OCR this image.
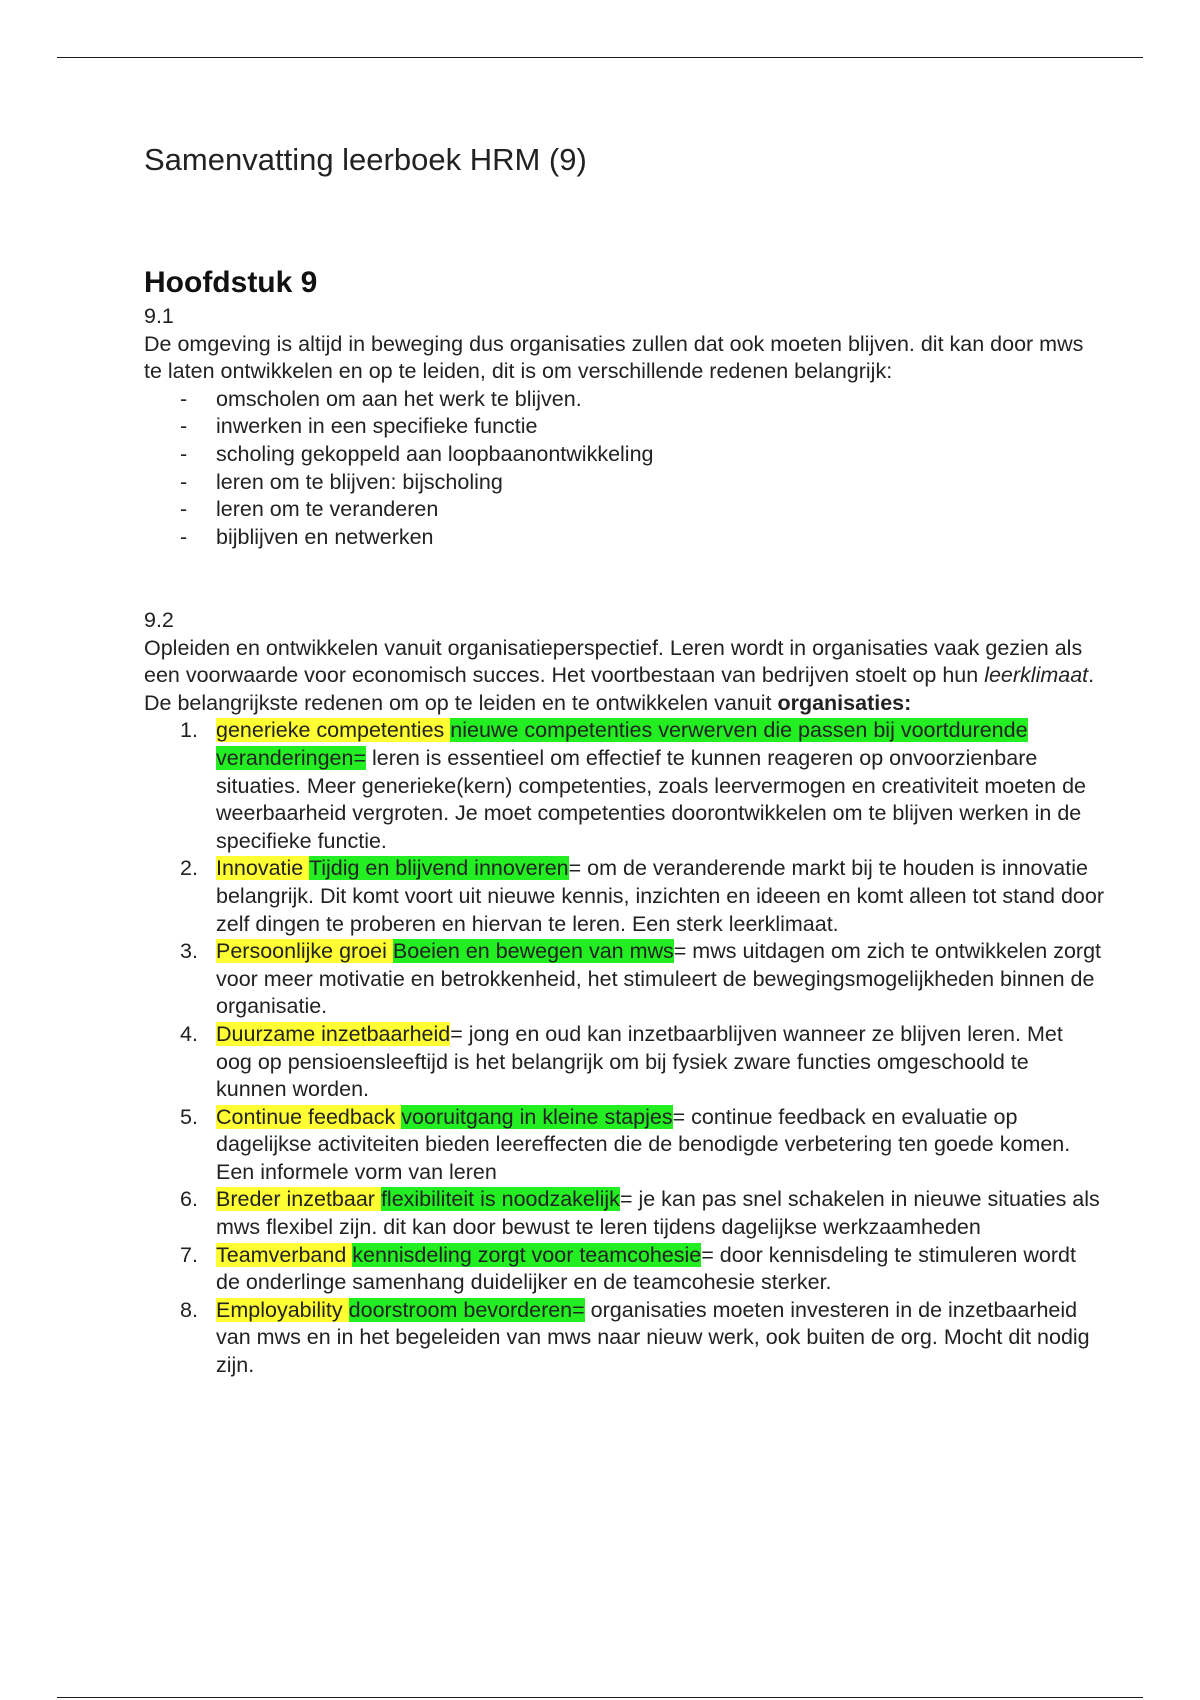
Samenvatting leerboek HRM (9)
Hoofdstuk 9

9.1

De omgeving is altijd in beweging dus organisaties zullen dat ook moeten blijven. dit kan door mws te laten ontwikkelen en op te leiden, dit is om verschillende redenen belangrijk:

- omscholen om aan het werk te blijven.
- inwerken in een specifieke functie
- scholing gekoppeld aan loopbaanontwikkeling
- leren om te blijven: bijscholing
- leren om te veranderen
- bijblijven en netwerken

9.2

Opleiden en ontwikkelen vanuit organisatieperspectief. Leren wordt in organisaties vaak gezien als een voorwaarde voor economisch succes. Het voortbestaan van bedrijven stoelt op hun leerklimaat. De belangrijkste redenen om op te leiden en te ontwikkelen vanuit organisaties:

1. generieke competenties nieuwe competenties verwerven die passen bij voortdurende veranderingen= leren is essentieel om effectief te kunnen reageren op onvoorzienbare situaties. Meer generieke(kern) competenties, zoals leervermogen en creativiteit moeten de weerbaarheid vergroten. Je moet competenties doorontwikkelen om te blijven werken in de specifieke functie.
2. Innovatie Tijdig en blijvend innoveren= om de veranderende markt bij te houden is innovatie belangrijk. Dit komt voort uit nieuwe kennis, inzichten en ideeen en komt alleen tot stand door zelf dingen te proberen en hiervan te leren. Een sterk leerklimaat.
3. Persoonlijke groei Boeien en bewegen van mws= mws uitdagen om zich te ontwikkelen zorgt voor meer motivatie en betrokkenheid, het stimuleert de bewegingsmogelijkheden binnen de organisatie.
4. Duurzame inzetbaarheid= jong en oud kan inzetbaarblijven wanneer ze blijven leren. Met oog op pensioensleeftijd is het belangrijk om bij fysiek zware functies omgeschoold te kunnen worden.
5. Continue feedback vooruitgang in kleine stapjes= continue feedback en evaluatie op dagelijkse activiteiten bieden leereffecten die de benodigde verbetering ten goede komen. Een informele vorm van leren
6. Breder inzetbaar flexibiliteit is noodzakelijk= je kan pas snel schakelen in nieuwe situaties als mws flexibel zijn. dit kan door bewust te leren tijdens dagelijkse werkzaamheden
7. Teamverband kennisdeling zorgt voor teamcohesie= door kennisdeling te stimuleren wordt de onderlinge samenhang duidelijker en de teamcohesie sterker.
8. Employability doorstroom bevorderen= organisaties moeten investeren in de inzetbaarheid van mws en in het begeleiden van mws naar nieuw werk, ook buiten de org. Mocht dit nodig zijn.
